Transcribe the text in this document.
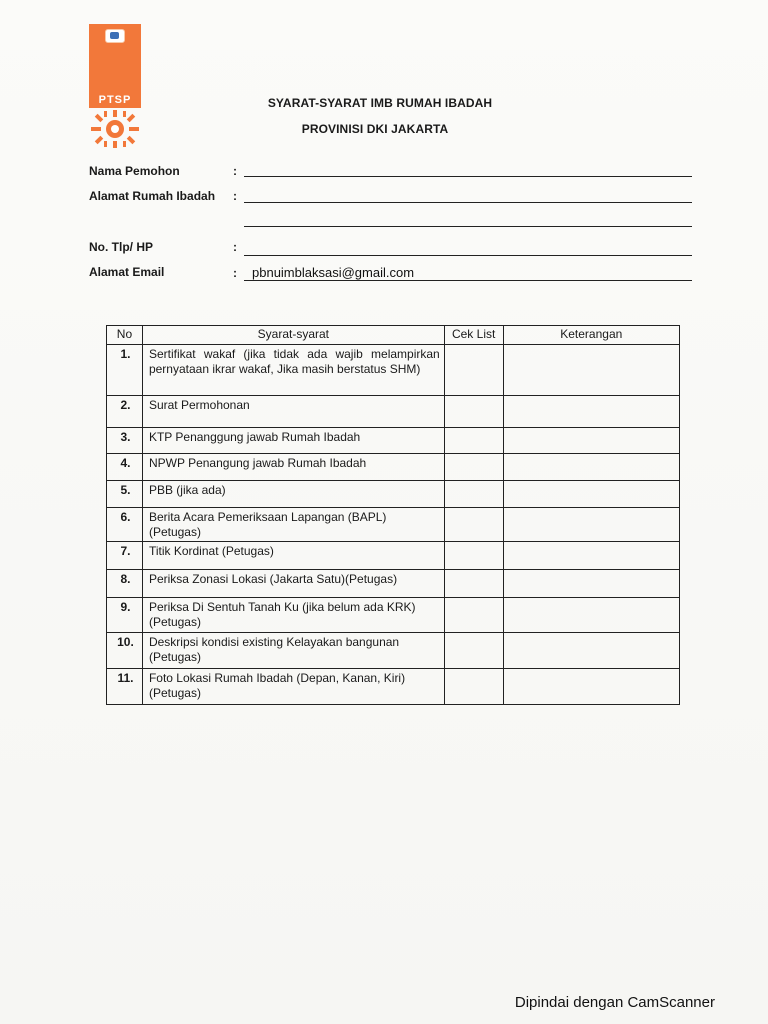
PTSP	SYARAT-SYARAT IMB RUMAH IBADAH
PROVINISI DKI JAKARTA
Nama Pemohon	:
Alamat Rumah Ibadah :
No. Tlp/ HP	:
Alamat Email	: pbnuimblaksasi@gmail.com
No	Syarat-syarat	Cek List	Keterangan
1.	Sertifikat wakaf (jika tidak ada wajib melampirkan pernyataan ikrar wakaf, Jika masih berstatus SHM)		
2.	Surat Permohonan		
3.	KTP Penanggung jawab Rumah Ibadah		
4.	NPWP Penangung jawab Rumah Ibadah		
5.	PBB (jika ada)		
6.	Berita Acara Pemeriksaan Lapangan (BAPL) (Petugas)		
7.	Titik Kordinat (Petugas)		
8.	Periksa Zonasi Lokasi (Jakarta Satu)(Petugas)		
9.	Periksa Di Sentuh Tanah Ku (jika belum ada KRK)(Petugas)		
10.	Deskripsi kondisi existing Kelayakan bangunan (Petugas)		
11.	Foto Lokasi Rumah Ibadah (Depan, Kanan, Kiri)(Petugas)		
Dipindai dengan CamScanner
